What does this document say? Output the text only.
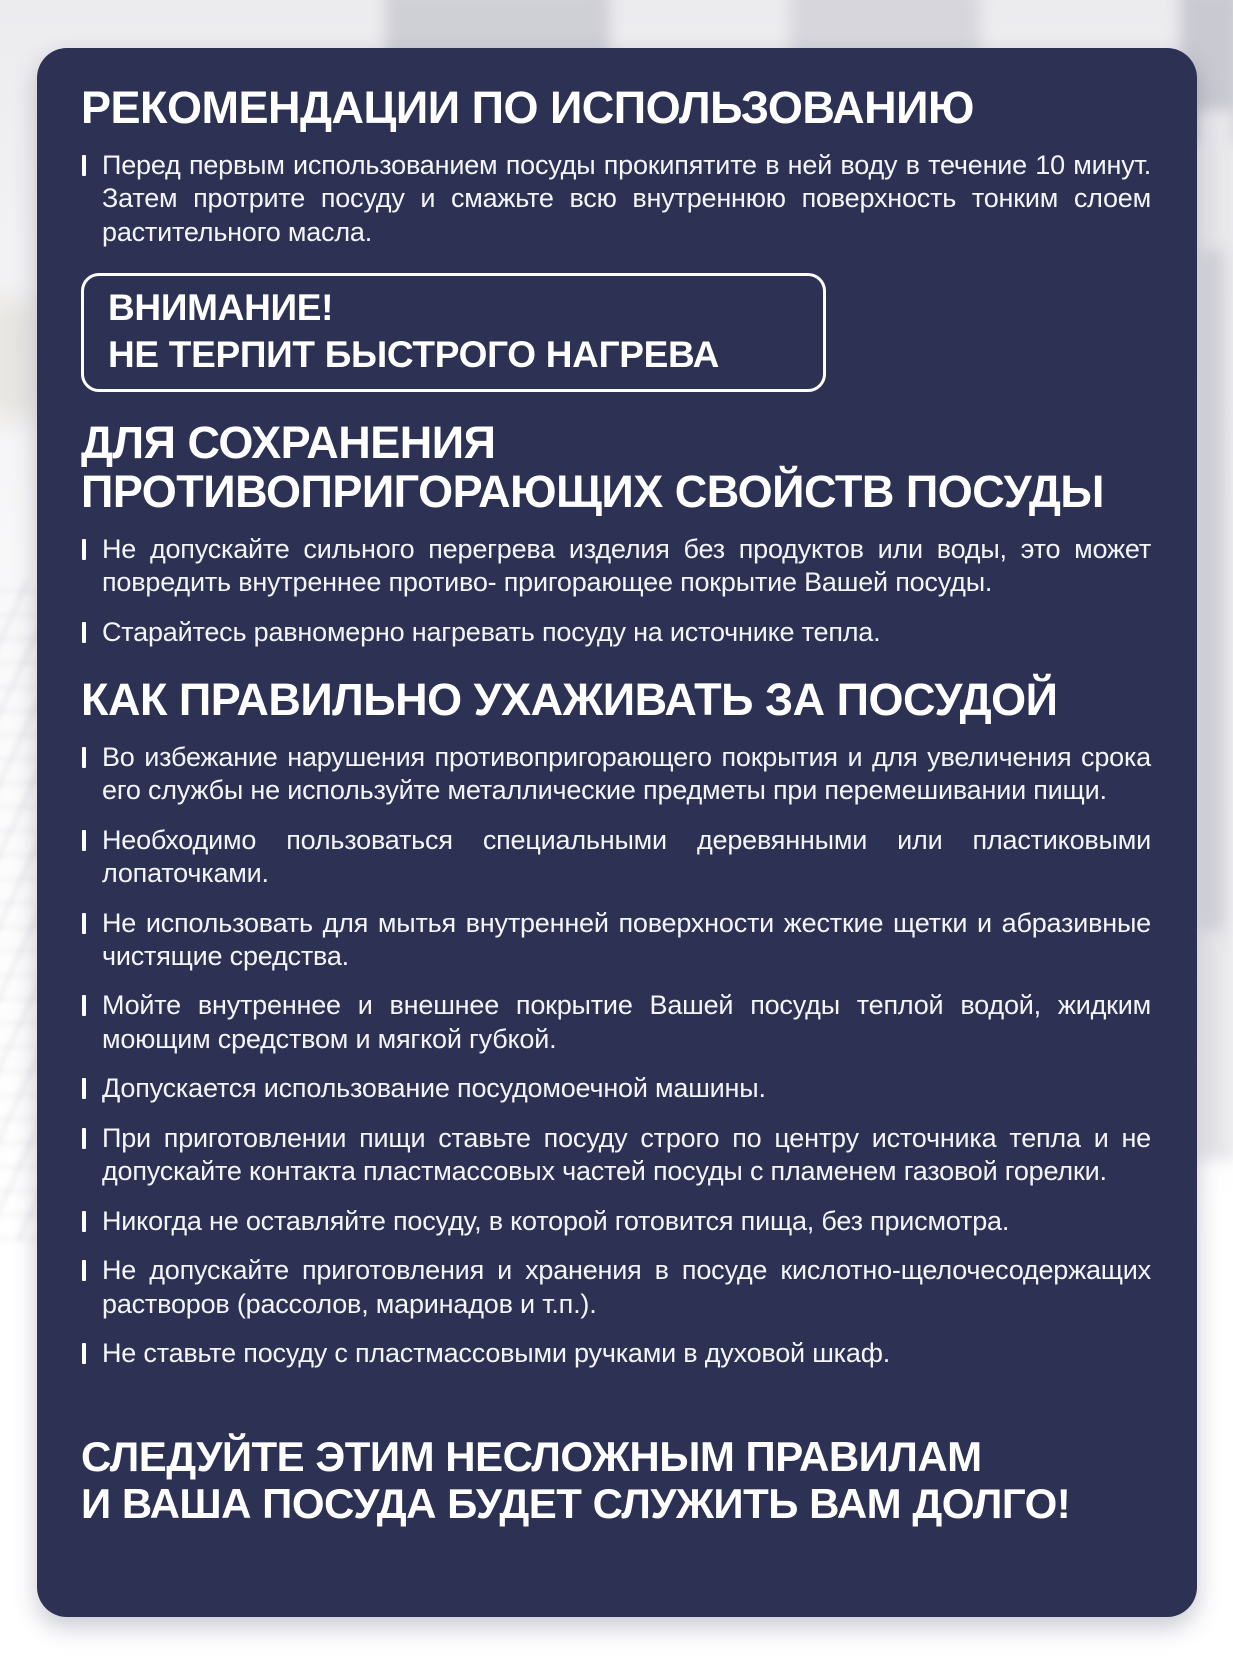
РЕКОМЕНДАЦИИ ПО ИСПОЛЬЗОВАНИЮ
Перед первым использованием посуды прокипятите в ней воду в течение 10 минут. Затем протрите посуду и смажьте всю внутреннюю поверхность тонким слоем растительного масла.
ВНИМАНИЕ!
НЕ ТЕРПИТ БЫСТРОГО НАГРЕВА
ДЛЯ СОХРАНЕНИЯ
ПРОТИВОПРИГОРАЮЩИХ СВОЙСТВ ПОСУДЫ
Не допускайте сильного перегрева изделия без продуктов или воды, это может повредить внутреннее противо- пригорающее покрытие Вашей посуды.
Старайтесь равномерно нагревать посуду на источнике тепла.
КАК ПРАВИЛЬНО УХАЖИВАТЬ ЗА ПОСУДОЙ
Во избежание нарушения противопригорающего покрытия и для увеличения срока его службы не используйте металлические предметы при перемешивании пищи.
Необходимо пользоваться специальными деревянными или пластиковыми лопаточками.
Не использовать для мытья внутренней поверхности жесткие щетки и абразивные чистящие средства.
Мойте внутреннее и внешнее покрытие Вашей посуды теплой водой, жидким моющим средством и мягкой губкой.
Допускается использование посудомоечной машины.
При приготовлении пищи ставьте посуду строго по центру источника тепла и не допускайте контакта пластмассовых частей посуды с пламенем газовой горелки.
Никогда не оставляйте посуду, в которой готовится пища, без присмотра.
Не допускайте приготовления и хранения в посуде кислотно-щелочесодержащих растворов (рассолов, маринадов и т.п.).
Не ставьте посуду с пластмассовыми ручками в духовой шкаф.
СЛЕДУЙТЕ ЭТИМ НЕСЛОЖНЫМ ПРАВИЛАМ
И ВАША ПОСУДА БУДЕТ СЛУЖИТЬ ВАМ ДОЛГО!
